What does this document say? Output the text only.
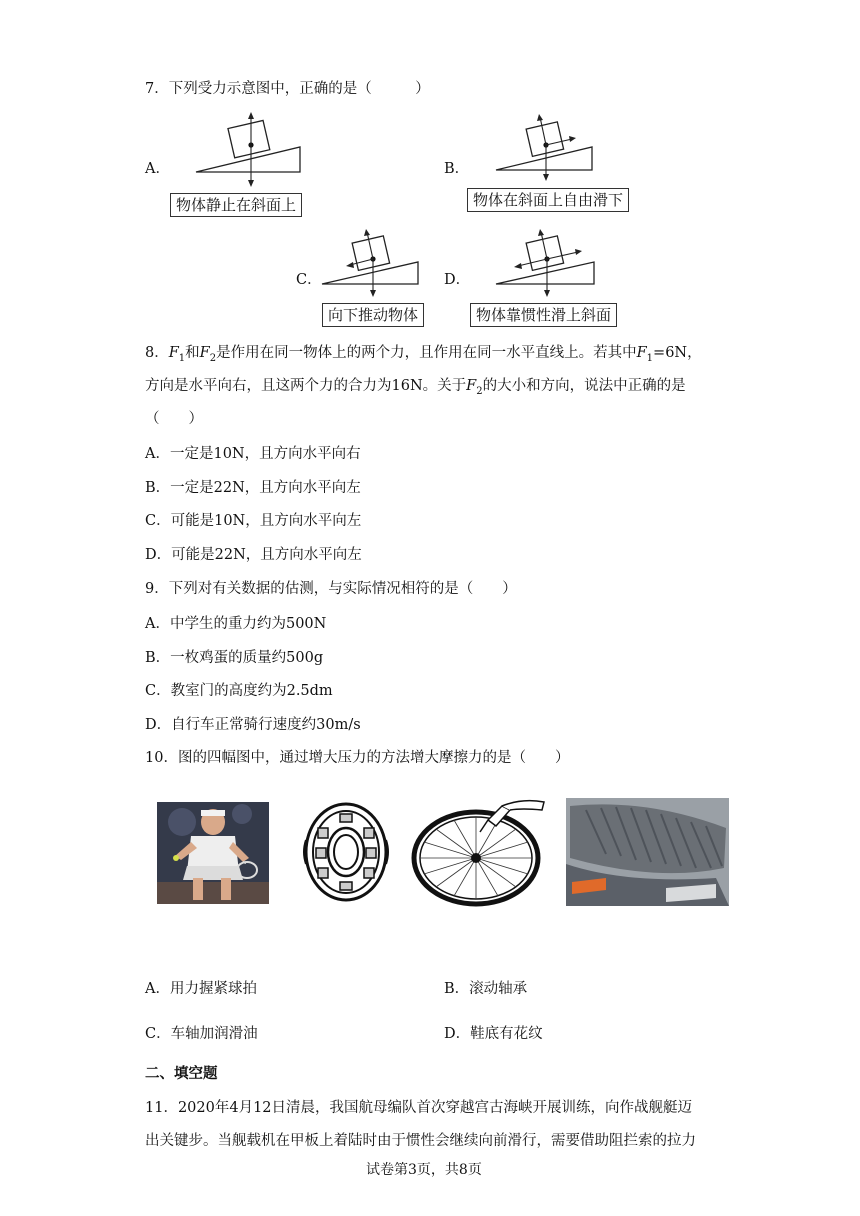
7．下列受力示意图中，正确的是（　　　）
A．
物体静止在斜面上
B．
物体在斜面上自由滑下
C．
向下推动物体
D．
物体靠惯性滑上斜面
8．$F_1$和$F_2$是作用在同一物体上的两个力，且作用在同一水平直线上。若其中$F_1=6N$，
方向是水平向右，且这两个力的合力为16N。关于$F_2$的大小和方向，说法中正确的是
（　　）
A．一定是10N，且方向水平向右
B．一定是22N，且方向水平向左
C．可能是10N，且方向水平向左
D．可能是22N，且方向水平向左
9．下列对有关数据的估测，与实际情况相符的是（　　）
A．中学生的重力约为500N
B．一枚鸡蛋的质量约500g
C．教室门的高度约为2.5dm
D．自行车正常骑行速度约30m/s
10．图的四幅图中，通过增大压力的方法增大摩擦力的是（　　）
A．用力握紧球拍	B．滚动轴承
C．车轴加润滑油	D．鞋底有花纹
二、填空题
11．2020年4月12日清晨，我国航母编队首次穿越宫古海峡开展训练，向作战舰艇迈
出关键步。当舰载机在甲板上着陆时由于惯性会继续向前滑行，需要借助阻拦索的拉力
试卷第3页，共8页
